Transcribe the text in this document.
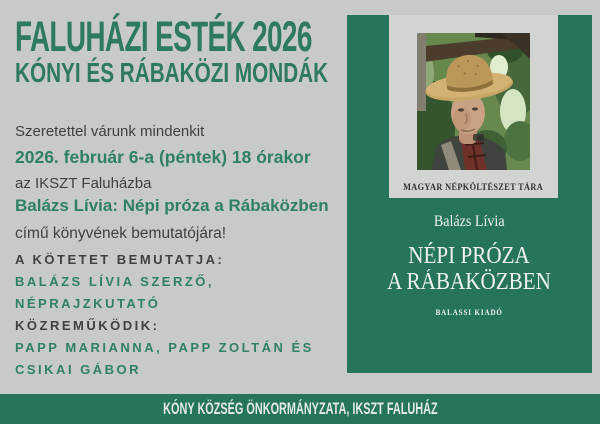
FALUHÁZI ESTÉK 2026
KÓNYI ÉS RÁBAKÖZI MONDÁK
Szeretettel várunk mindenkit
2026. február 6-a (péntek) 18 órakor
az IKSZT Faluházba
Balázs Lívia: Népi próza a Rábaközben
című könyvének bemutatójára!
A KÖTETET BEMUTATJA:
BALÁZS LÍVIA SZERZŐ,
NÉPRAJZKUTATÓ
KÖZREMŰKÖDIK:
PAPP MARIANNA, PAPP ZOLTÁN ÉS
CSIKAI GÁBOR
MAGYAR NÉPKÖLTÉSZET TÁRA
Balázs Lívia
NÉPI PRÓZA
A RÁBAKÖZBEN
BALASSI KIADÓ
KÓNY KÖZSÉG ÖNKORMÁNYZATA, IKSZT FALUHÁZ
